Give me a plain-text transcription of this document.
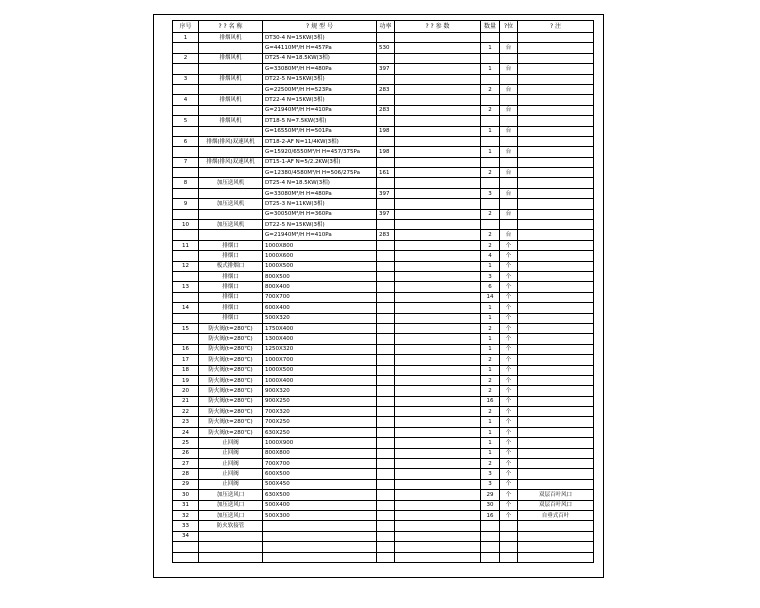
序号	? ? 名 称	? 规 型 号	功率	? ? 参 数	数量	?位	? 注
1	排烟风机	DT30-4 N=15KW(3相)					
		G=44110M³/H H=457Pa	530		1	台	
2	排烟风机	DT25-4 N=18.5KW(3相)					
		G=33080M³/H H=480Pa	397		1	台	
3	排烟风机	DT22-5 N=15KW(3相)					
		G=22500M³/H H=523Pa	283		2	台	
4	排烟风机	DT22-4 N=15KW(3相)					
		G=21940M³/H H=410Pa	283		2	台	
5	排烟风机	DT18-5 N=7.5KW(3相)					
		G=16550M³/H H=501Pa	198		1	台	
6	排烟(排风)双速风机	DT18-2-AF N=11/4KW(3相)					
		G=15920/6550M³/H H=457/375Pa	198		1	台	
7	排烟(排风)双速风机	DT15-1-AF N=5/2.2KW(3相)					
		G=12380/4580M³/H H=506/275Pa	161		2	台	
8	加压送风机	DT25-4 N=18.5KW(3相)					
		G=33080M³/H H=480Pa	397		3	台	
9	加压送风机	DT25-3 N=11KW(3相)					
		G=30050M³/H H=360Pa	397		2	台	
10	加压送风机	DT22-5 N=15KW(3相)					
		G=21940M³/H H=410Pa	283		2	台	
11	排烟口	1000X800			2	个	
	排烟口	1000X600			4	个	
12	板式排烟口	1000X500			1	个	
	排烟口	800X500			3	个	
13	排烟口	800X400			6	个	
	排烟口	700X700			14	个	
14	排烟口	600X400			1	个	
	排烟口	500X320			1	个	
15	防火阀(t=280℃)	1750X400			2	个	
	防火阀(t=280℃)	1300X400			1	个	
16	防火阀(t=280℃)	1250X320			1	个	
17	防火阀(t=280℃)	1000X700			2	个	
18	防火阀(t=280℃)	1000X500			1	个	
19	防火阀(t=280℃)	1000X400			2	个	
20	防火阀(t=280℃)	900X320			2	个	
21	防火阀(t=280℃)	900X250			16	个	
22	防火阀(t=280℃)	700X320			2	个	
23	防火阀(t=280℃)	700X250			1	个	
24	防火阀(t=280℃)	630X250			1	个	
25	止回阀	1000X900			1	个	
26	止回阀	800X800			1	个	
27	止回阀	700X700			2	个	
28	止回阀	600X500			3	个	
29	止回阀	500X450			3	个	
30	加压送风口	630X500			29	个	双层百叶风口
31	加压送风口	500X400			30	个	双层百叶风口
32	加压送风口	500X300			16	个	自垂式百叶
33	防火软接管						
34							
